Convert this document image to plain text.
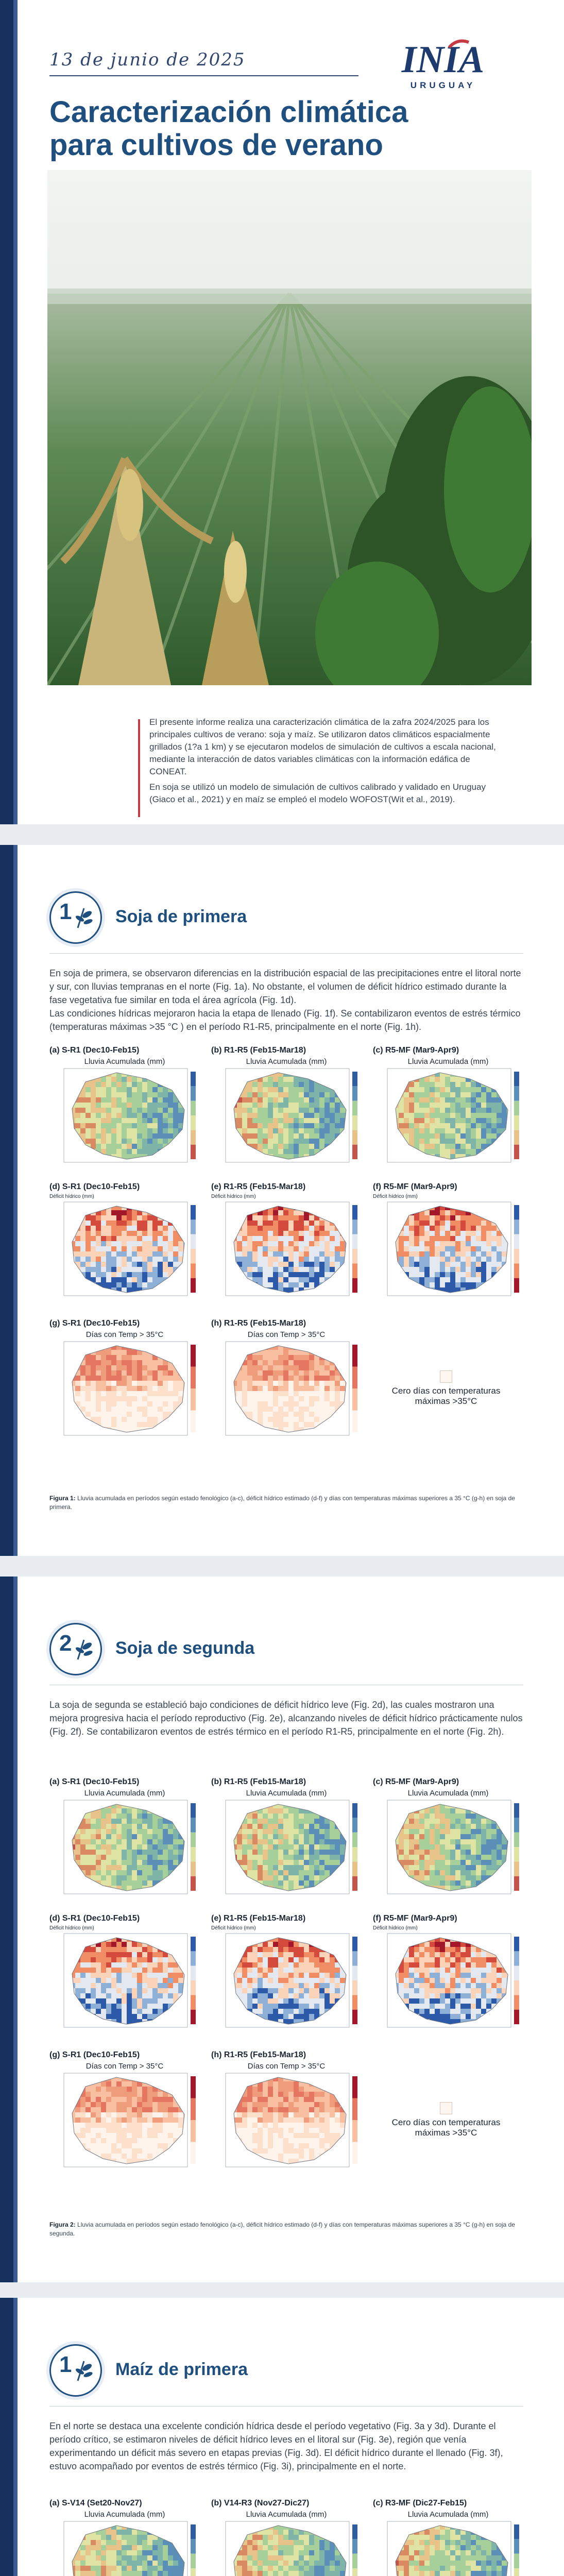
13 de junio de 2025	INIA
URUGUAY
Caracterización climática
para cultivos de verano

El presente informe realiza una caracterización climática de la zafra 2024/2025 para los principales cultivos de verano: soja y maíz. Se utilizaron datos climáticos espacialmente grillados (1?a 1 km) y se ejecutaron modelos de simulación de cultivos a escala nacional, mediante la interacción de datos variables climáticas con la información edáfica de CONEAT.

En soja se utilizó un modelo de simulación de cultivos calibrado y validado en Uruguay (Giaco et al., 2021) y en maíz se empleó el modelo WOFOST(Wit et al., 2019).

1 Soja de primera
En soja de primera, se observaron diferencias en la distribución espacial de las precipitaciones entre el litoral norte y sur, con lluvias tempranas en el norte (Fig. 1a). No obstante, el volumen de déficit hídrico estimado durante la fase vegetativa fue similar en toda el área agrícola (Fig. 1d).
Las condiciones hídricas mejoraron hacia la etapa de llenado (Fig. 1f). Se contabilizaron eventos de estrés térmico (temperaturas máximas >35 °C ) en el período R1-R5, principalmente en el norte (Fig. 1h).
(a) S-R1 (Dec10-Feb15)
Lluvia Acumulada (mm)
(b) R1-R5 (Feb15-Mar18)
Lluvia Acumulada (mm)
(c) R5-MF (Mar9-Apr9)
Lluvia Acumulada (mm)
(d) S-R1 (Dec10-Feb15)
Déficit hídrico (mm)
(e) R1-R5 (Feb15-Mar18)
Déficit hídrico (mm)
(f) R5-MF (Mar9-Apr9)
Déficit hídrico (mm)
(g) S-R1 (Dec10-Feb15)
Días con Temp > 35°C
(h) R1-R5 (Feb15-Mar18)
Días con Temp > 35°C
Cero días con temperaturas máximas >35°C
Figura 1: Lluvia acumulada en períodos según estado fenológico (a-c), déficit hídrico estimado (d-f) y días con temperaturas máximas superiores a 35 °C (g-h) en soja de primera.
2 Soja de segunda
La soja de segunda se estableció bajo condiciones de déficit hídrico leve (Fig. 2d), las cuales mostraron una mejora progresiva hacia el período reproductivo (Fig. 2e), alcanzando niveles de déficit hídrico prácticamente nulos (Fig. 2f). Se contabilizaron eventos de estrés térmico en el período R1-R5, principalmente en el norte (Fig. 2h).
(a) S-R1 (Dec10-Feb15)
Lluvia Acumulada (mm)
(b) R1-R5 (Feb15-Mar18)
Lluvia Acumulada (mm)
(c) R5-MF (Mar9-Apr9)
Lluvia Acumulada (mm)
(d) S-R1 (Dec10-Feb15)
Déficit hídrico (mm)
(e) R1-R5 (Feb15-Mar18)
Déficit hídrico (mm)
(f) R5-MF (Mar9-Apr9)
Déficit hídrico (mm)
(g) S-R1 (Dec10-Feb15)
Días con Temp > 35°C
(h) R1-R5 (Feb15-Mar18)
Días con Temp > 35°C
Cero días con temperaturas máximas >35°C
Figura 2: Lluvia acumulada en períodos según estado fenológico (a-c), déficit hídrico estimado (d-f) y días con temperaturas máximas superiores a 35 °C (g-h) en soja de segunda.
1 Maíz de primera
En el norte se destaca una excelente condición hídrica desde el período vegetativo (Fig. 3a y 3d). Durante el período crítico, se estimaron niveles de déficit hídrico leves en el litoral sur (Fig. 3e), región que venía experimentando un déficit más severo en etapas previas (Fig. 3d). El déficit hídrico durante el llenado (Fig. 3f), estuvo acompañado por eventos de estrés térmico (Fig. 3i), principalmente en el norte.
(a) S-V14 (Set20-Nov27)
Lluvia Acumulada (mm)
(b) V14-R3 (Nov27-Dic27)
Lluvia Acumulada (mm)
(c) R3-MF (Dic27-Feb15)
Lluvia Acumulada (mm)
